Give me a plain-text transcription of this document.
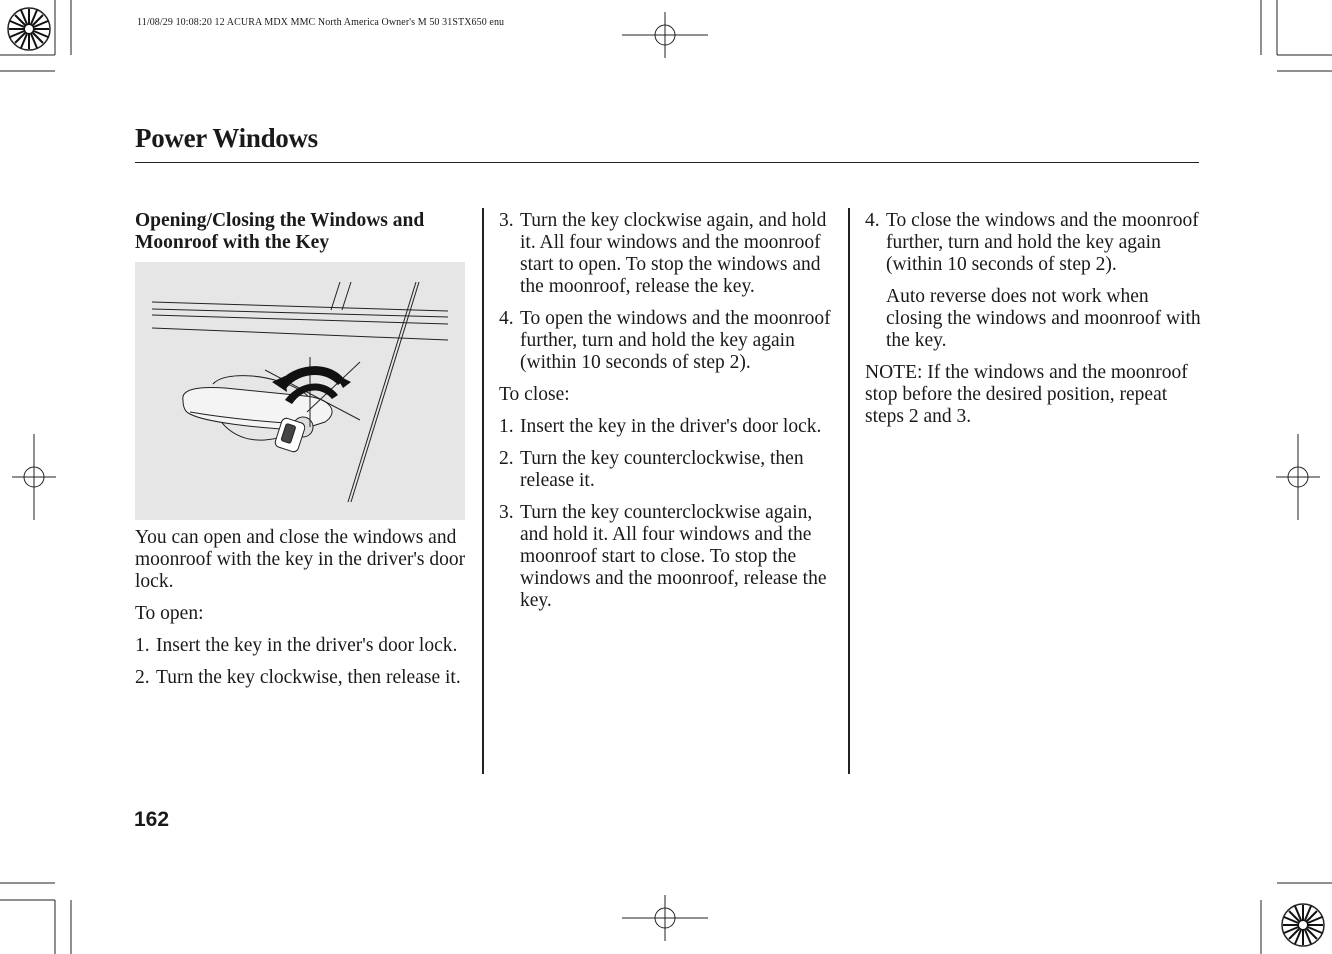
11/08/29 10:08:20 12 ACURA MDX MMC North America Owner's M 50 31STX650 enu
Power Windows
Opening/Closing the Windows and Moonroof with the Key
You can open and close the windows and moonroof with the key in the driver's door lock.
To open:
1. Insert the key in the driver's door lock.
2. Turn the key clockwise, then release it.
3. Turn the key clockwise again, and hold it. All four windows and the moonroof start to open. To stop the windows and the moonroof, release the key.
4. To open the windows and the moonroof further, turn and hold the key again (within 10 seconds of step 2).
To close:
1. Insert the key in the driver's door lock.
2. Turn the key counterclockwise, then release it.
3. Turn the key counterclockwise again, and hold it. All four windows and the moonroof start to close. To stop the windows and the moonroof, release the key.
4. To close the windows and the moonroof further, turn and hold the key again (within 10 seconds of step 2).
Auto reverse does not work when closing the windows and moonroof with the key.
NOTE: If the windows and the moonroof stop before the desired position, repeat steps 2 and 3.
162
